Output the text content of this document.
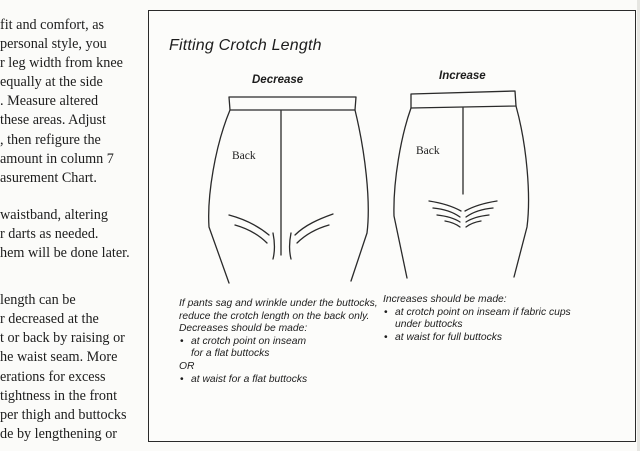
fit and comfort, as

personal style, you

r leg width from knee

equally at the side

. Measure altered

these areas. Adjust

, then refigure the

amount in column 7

asurement Chart.

waistband, altering

r darts as needed.

hem will be done later.

length can be

r decreased at the

t or back by raising or

he waist seam. More

erations for excess

tightness in the front

per thigh and buttocks

de by lengthening or

Fitting Crotch Length
Decrease	Increase
Back	Back

If pants sag and wrinkle under the buttocks, reduce the crotch length on the back only. Decreases should be made:

• at crotch point on inseam

for a flat buttocks

OR

• at waist for a flat buttocks

Increases should be made:

• at crotch point on inseam if fabric cups under buttocks
• at waist for full buttocks
